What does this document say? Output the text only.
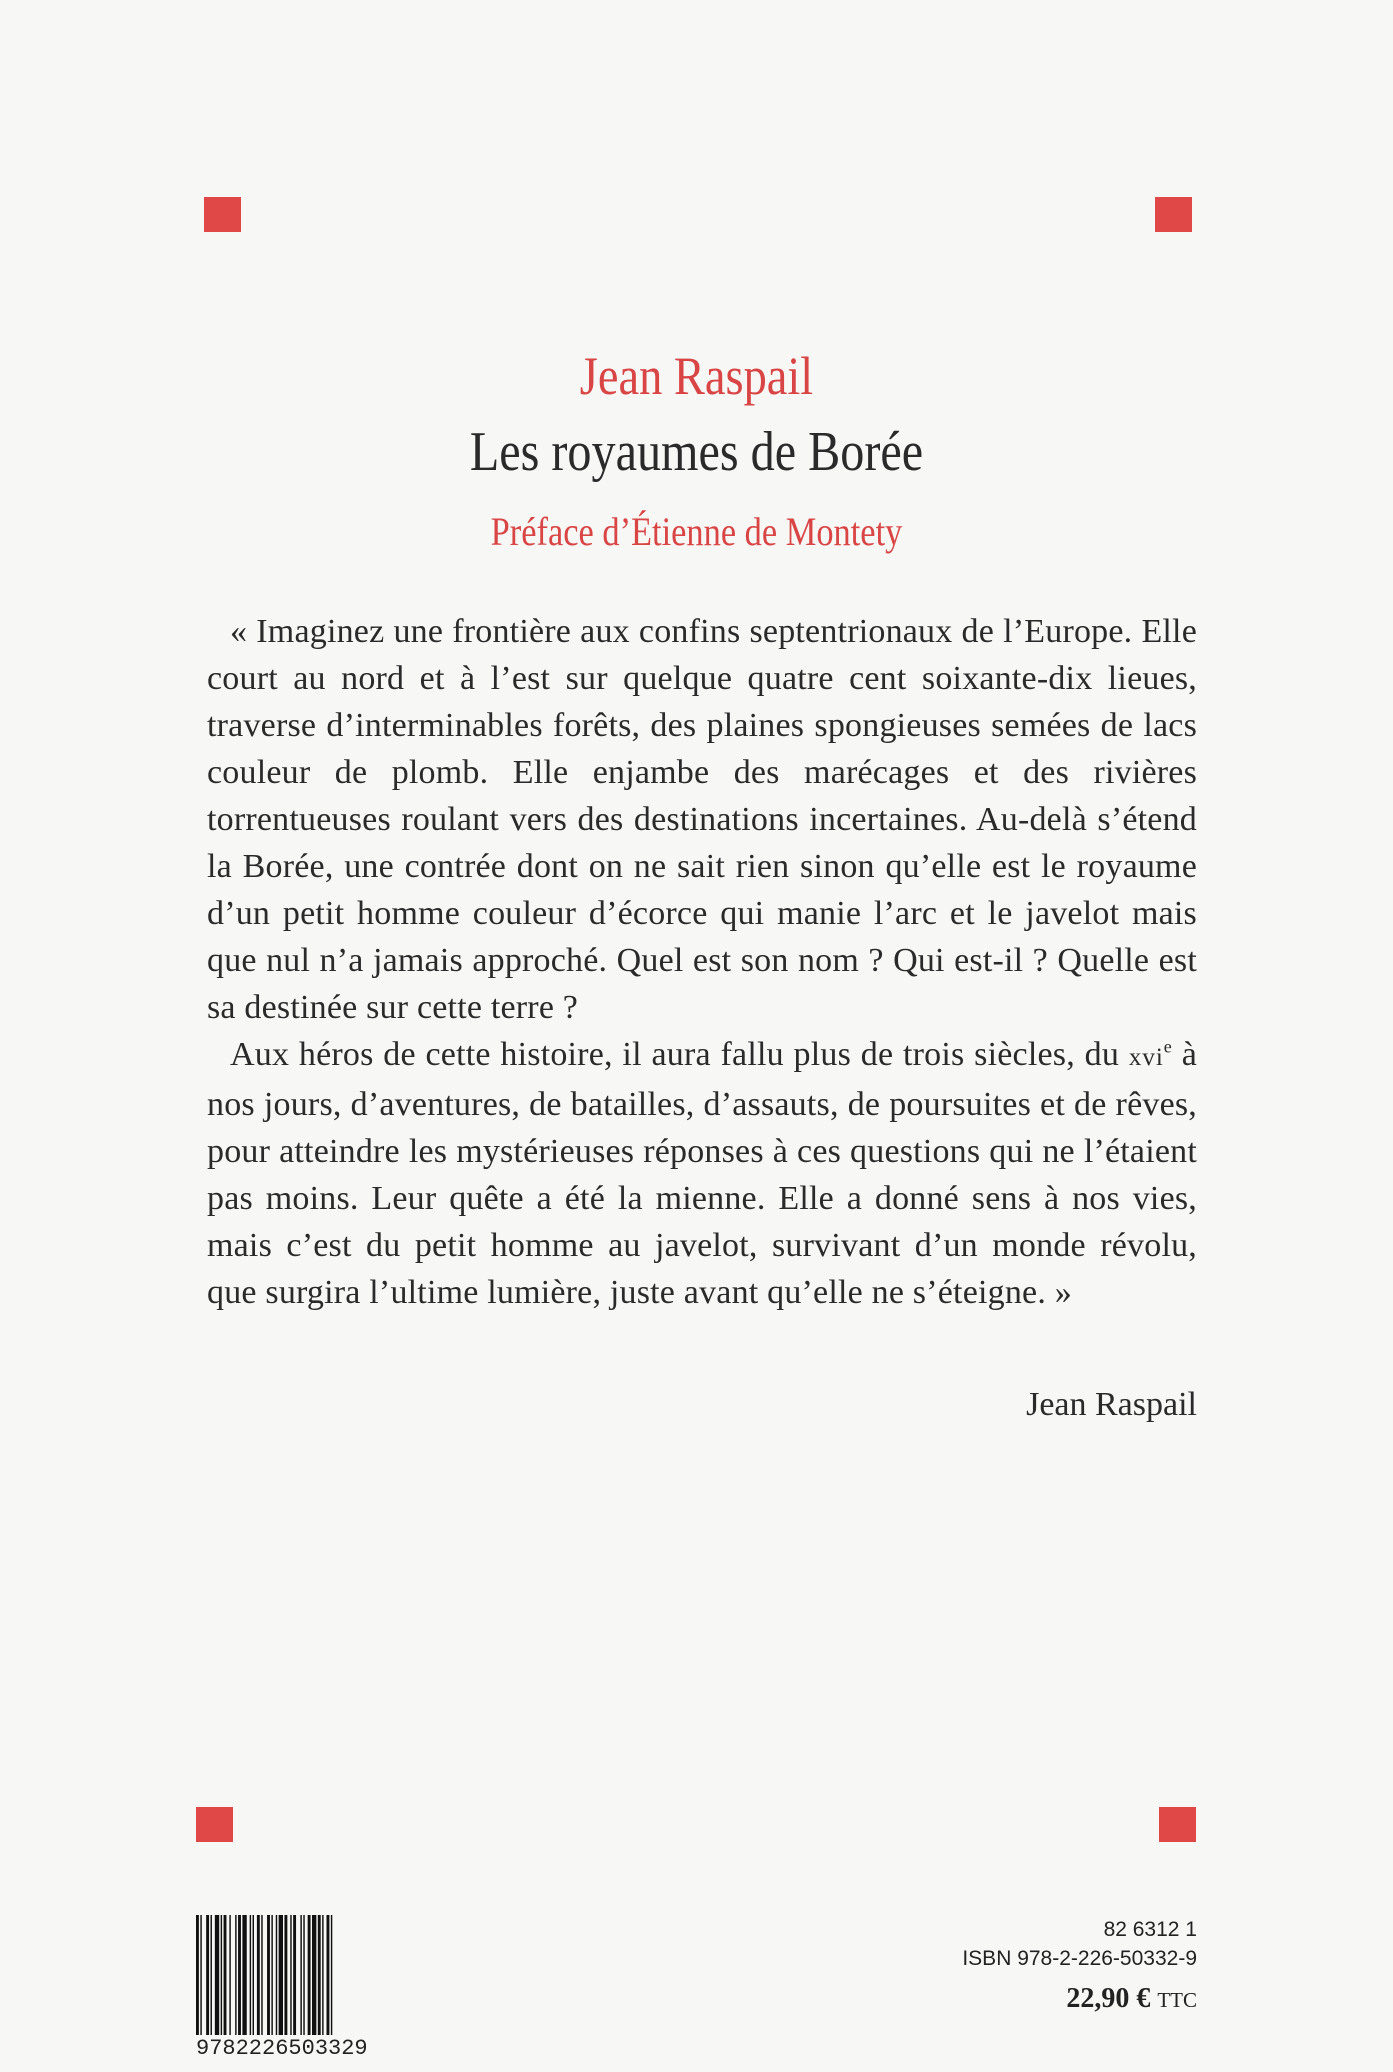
Jean Raspail
Les royaumes de Borée
Préface d’Étienne de Montety

« Imaginez une frontière aux confins septentrionaux de l’Europe. Elle court au nord et à l’est sur quelque quatre cent soixante-dix lieues, traverse d’interminables forêts, des plaines spongieuses semées de lacs couleur de plomb. Elle enjambe des marécages et des rivières torrentueuses roulant vers des destinations incertaines. Au-delà s’étend la Borée, une contrée dont on ne sait rien sinon qu’elle est le royaume d’un petit homme couleur d’écorce qui manie l’arc et le javelot mais que nul n’a jamais approché. Quel est son nom ? Qui est-il ? Quelle est sa destinée sur cette terre ?

Aux héros de cette histoire, il aura fallu plus de trois siècles, du xvi$^e$ à nos jours, d’aventures, de batailles, d’assauts, de poursuites et de rêves, pour atteindre les mystérieuses réponses à ces questions qui ne l’étaient pas moins. Leur quête a été la mienne. Elle a donné sens à nos vies, mais c’est du petit homme au javelot, survivant d’un monde révolu, que surgira l’ultime lumière, juste avant qu’elle ne s’éteigne. »

Jean Raspail
9782226503329
82 6312 1
ISBN 978-2-226-50332-9
22,90 € TTC
